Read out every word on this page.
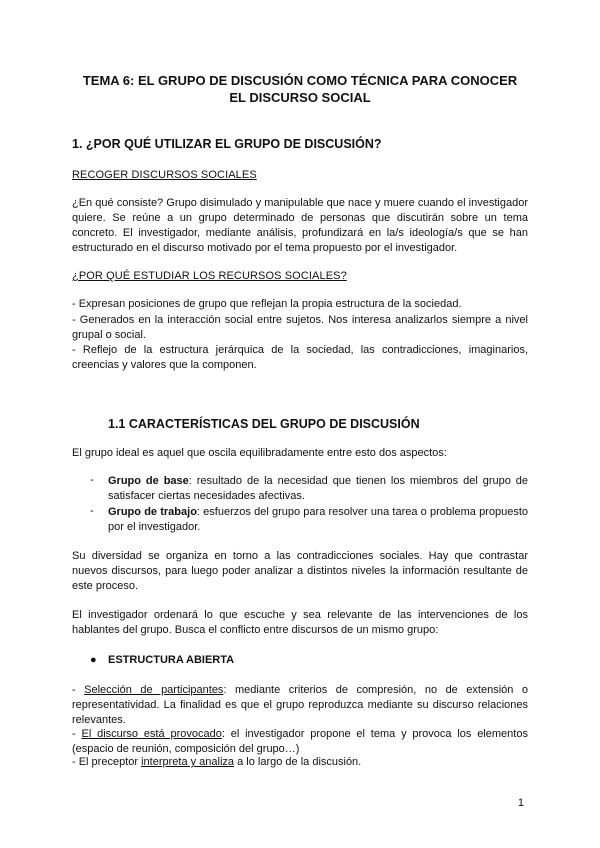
TEMA 6: EL GRUPO DE DISCUSIÓN COMO TÉCNICA PARA CONOCER
EL DISCURSO SOCIAL
1. ¿POR QUÉ UTILIZAR EL GRUPO DE DISCUSIÓN?
RECOGER DISCURSOS SOCIALES

¿En qué consiste? Grupo disimulado y manipulable que nace y muere cuando el investigador quiere. Se reúne a un grupo determinado de personas que discutirán sobre un tema concreto. El investigador, mediante análisis, profundizará en la/s ideología/s que se han estructurado en el discurso motivado por el tema propuesto por el investigador.

¿POR QUÉ ESTUDIAR LOS RECURSOS SOCIALES?

- Expresan posiciones de grupo que reflejan la propia estructura de la sociedad.

- Generados en la interacción social entre sujetos. Nos interesa analizarlos siempre a nivel grupal o social.

- Reflejo de la estructura jerárquica de la sociedad, las contradicciones, imaginarios, creencias y valores que la componen.

1.1 CARACTERÍSTICAS DEL GRUPO DE DISCUSIÓN

El grupo ideal es aquel que oscila equilibradamente entre esto dos aspectos:

- Grupo de base: resultado de la necesidad que tienen los miembros del grupo de satisfacer ciertas necesidades afectivas.

- Grupo de trabajo: esfuerzos del grupo para resolver una tarea o problema propuesto por el investigador.

Su diversidad se organiza en torno a las contradicciones sociales. Hay que contrastar nuevos discursos, para luego poder analizar a distintos niveles la información resultante de este proceso.

El investigador ordenará lo que escuche y sea relevante de las intervenciones de los hablantes del grupo. Busca el conflicto entre discursos de un mismo grupo:

● ESTRUCTURA ABIERTA

- Selección de participantes: mediante criterios de compresión, no de extensión o representatividad. La finalidad es que el grupo reproduzca mediante su discurso relaciones relevantes.

- El discurso está provocado: el investigador propone el tema y provoca los elementos (espacio de reunión, composición del grupo…)

- El preceptor interpreta y analiza a lo largo de la discusión.

1
